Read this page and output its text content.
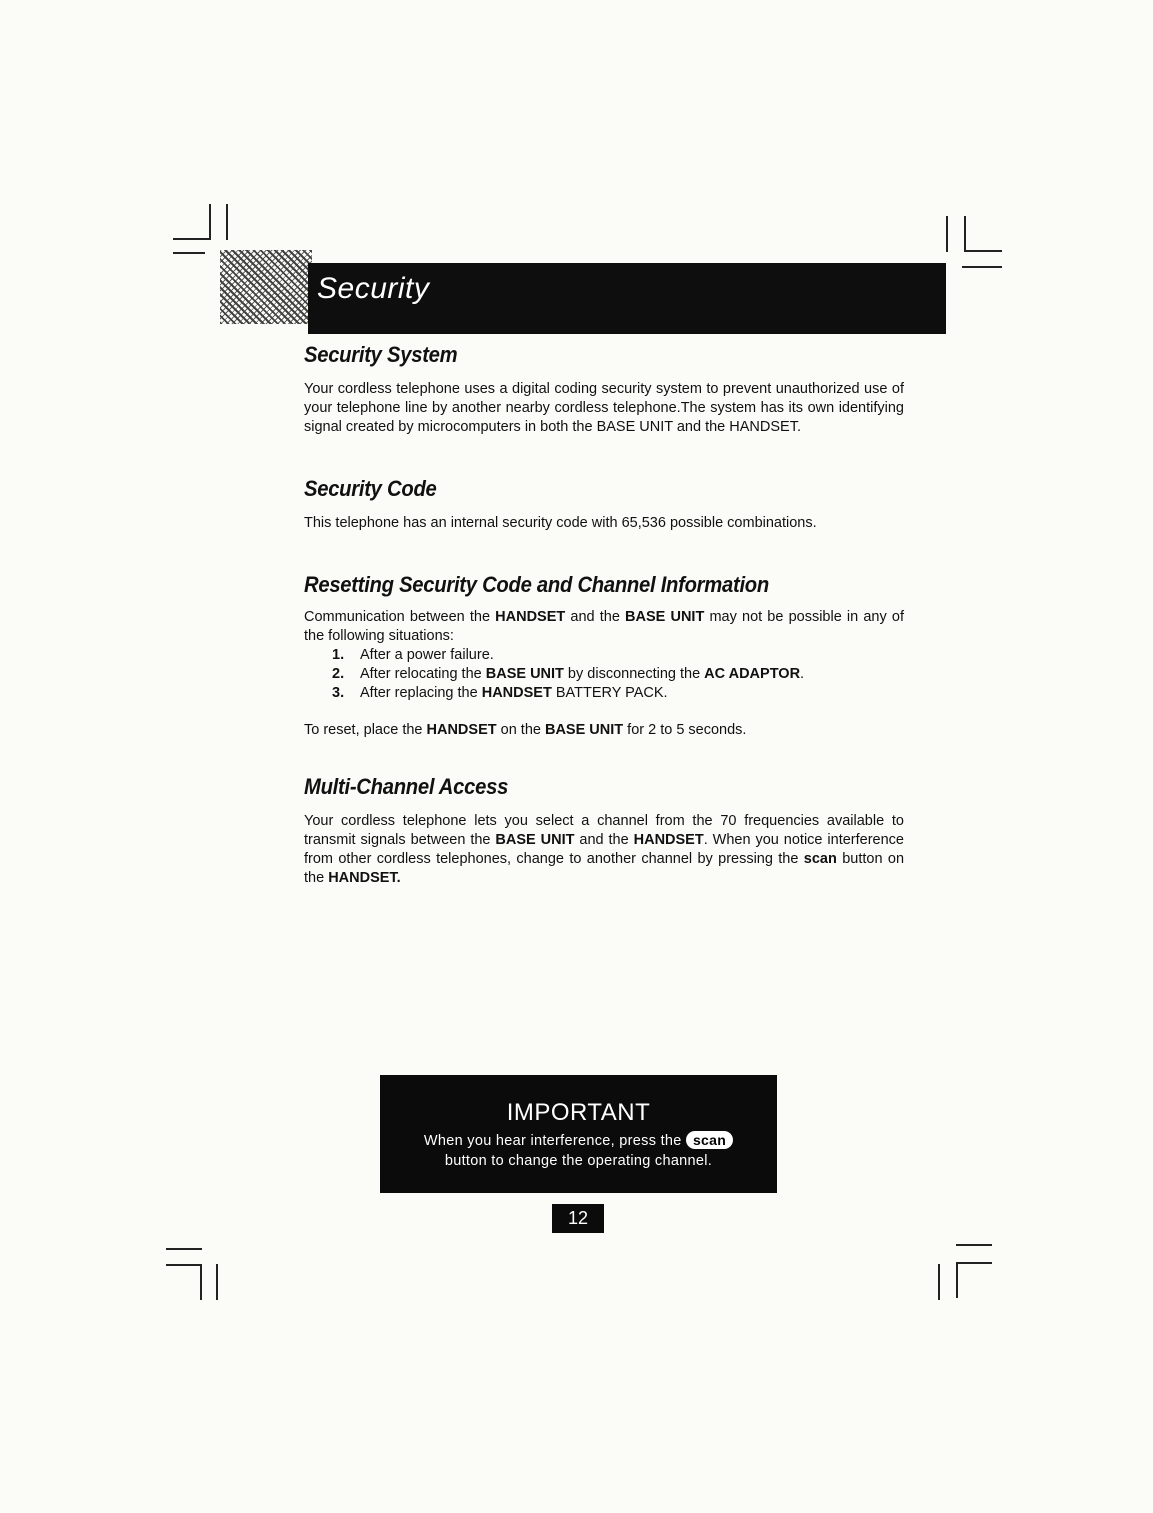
Security
Security System

Your cordless telephone uses a digital coding security system to prevent unauthorized use of your telephone line by another nearby cordless telephone.The system has its own identifying signal created by microcomputers in both the BASE UNIT and the HANDSET.

Security Code

This telephone has an internal security code with 65,536 possible combinations.

Resetting Security Code and Channel Information

Communication between the HANDSET and the BASE UNIT may not be possible in any of the following situations:

1.	After a power failure.
2.	After relocating the BASE UNIT by disconnecting the AC ADAPTOR.
3.	After replacing the HANDSET BATTERY PACK.

To reset, place the HANDSET on the BASE UNIT for 2 to 5 seconds.

Multi-Channel Access

Your cordless telephone lets you select a channel from the 70 frequencies available to transmit signals between the BASE UNIT and the HANDSET. When you notice interference from other cordless telephones, change to another channel by pressing the scan button on the HANDSET.

IMPORTANT
When you hear interference, press the scan
button to change the operating channel.
12
